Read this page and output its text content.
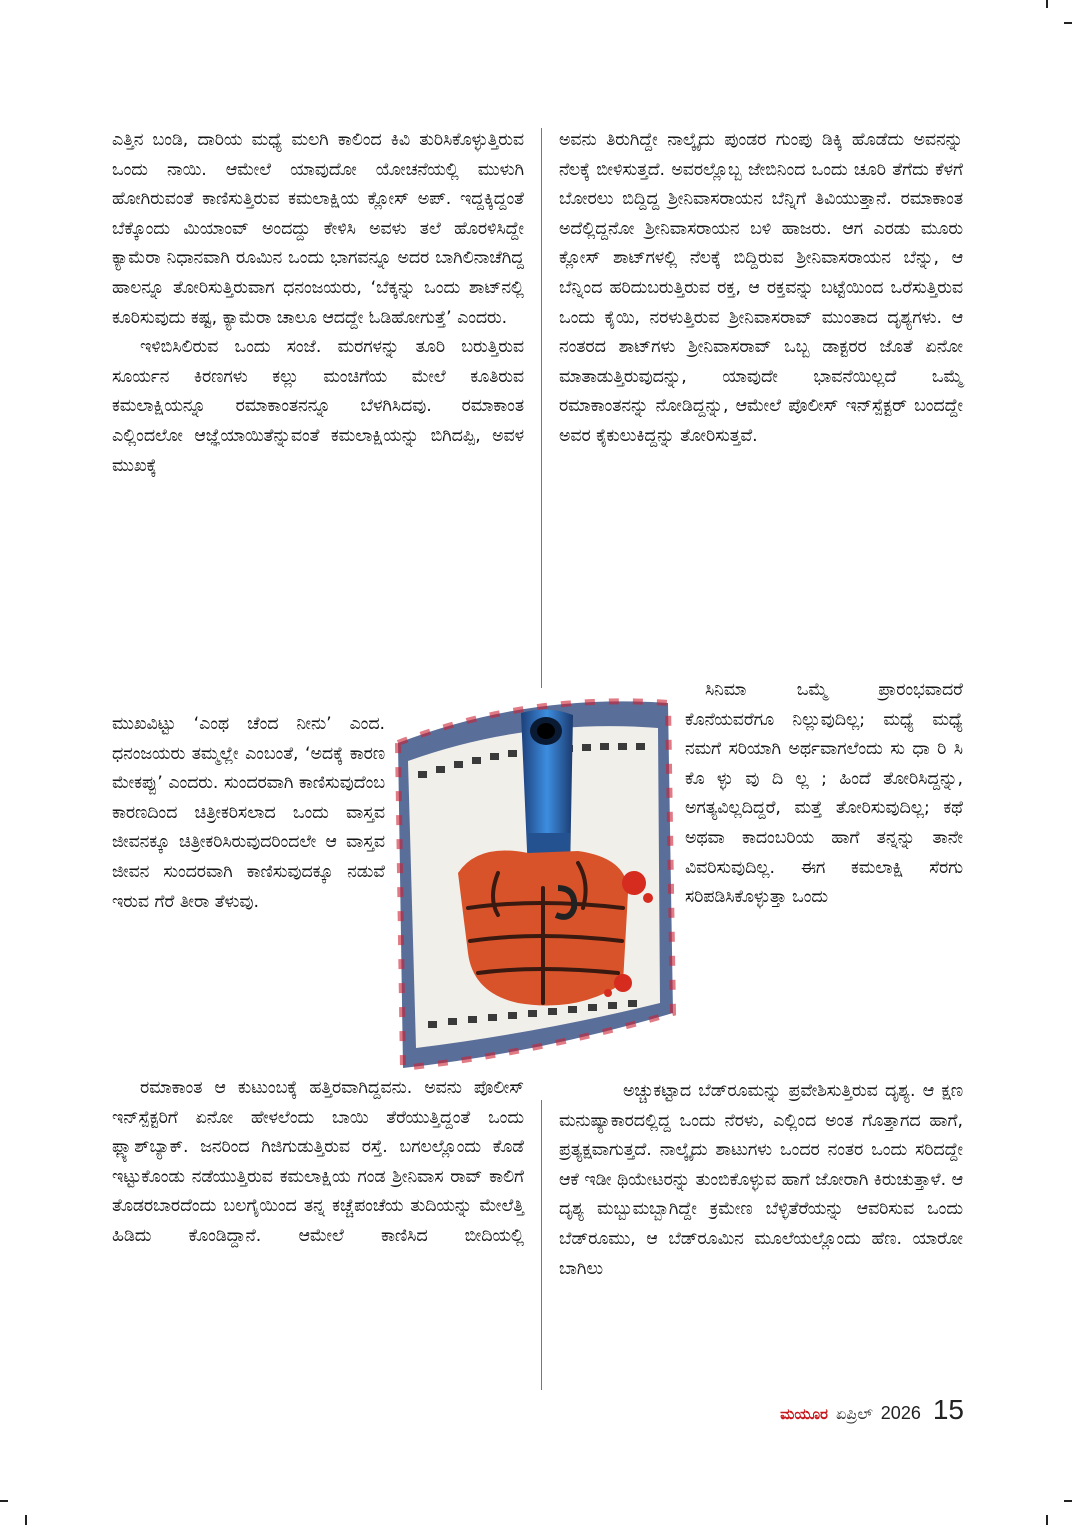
ಎತ್ತಿನ ಬಂಡಿ, ದಾರಿಯ ಮಧ್ಯೆ ಮಲಗಿ ಕಾಲಿಂದ ಕಿವಿ ತುರಿಸಿಕೊಳ್ಳುತ್ತಿರುವ ಒಂದು ನಾಯಿ. ಆಮೇಲೆ ಯಾವುದೋ ಯೋಚನೆಯಲ್ಲಿ ಮುಳುಗಿ ಹೋಗಿರುವಂತೆ ಕಾಣಿಸುತ್ತಿರುವ ಕಮಲಾಕ್ಷಿಯ ಕ್ಲೋಸ್ ಅಪ್. ಇದ್ದಕ್ಕಿದ್ದಂತೆ ಬೆಕ್ಕೊಂದು ಮಿಯಾಂವ್ ಅಂದದ್ದು ಕೇಳಿಸಿ ಅವಳು ತಲೆ ಹೊರಳಿಸಿದ್ದೇ ಕ್ಯಾಮೆರಾ ನಿಧಾನವಾಗಿ ರೂಮಿನ ಒಂದು ಭಾಗವನ್ನೂ ಅದರ ಬಾಗಿಲಿನಾಚೆಗಿದ್ದ ಹಾಲನ್ನೂ ತೋರಿಸುತ್ತಿರುವಾಗ ಧನಂಜಯರು, ‘ಬೆಕ್ಕನ್ನು ಒಂದು ಶಾಟ್‌ನಲ್ಲಿ ಕೂರಿಸುವುದು ಕಷ್ಟ, ಕ್ಯಾಮೆರಾ ಚಾಲೂ ಆದದ್ದೇ ಓಡಿಹೋಗುತ್ತೆ’ ಎಂದರು.

ಇಳಿಬಿಸಿಲಿರುವ ಒಂದು ಸಂಜೆ. ಮರಗಳನ್ನು ತೂರಿ ಬರುತ್ತಿರುವ ಸೂರ್ಯನ ಕಿರಣಗಳು ಕಲ್ಲು ಮಂಚಿಗೆಯ ಮೇಲೆ ಕೂತಿರುವ ಕಮಲಾಕ್ಷಿಯನ್ನೂ ರಮಾಕಾಂತನನ್ನೂ ಬೆಳಗಿಸಿದವು. ರಮಾಕಾಂತ ಎಲ್ಲಿಂದಲೋ ಆಜ್ಞೆಯಾಯಿತೆನ್ನುವಂತೆ ಕಮಲಾಕ್ಷಿಯನ್ನು ಬಿಗಿದಪ್ಪಿ, ಅವಳ ಮುಖಕ್ಕೆ

ಮುಖವಿಟ್ಟು ‘ಎಂಥ ಚೆಂದ ನೀನು’ ಎಂದ. ಧನಂಜಯರು ತಮ್ಮಲ್ಲೇ ಎಂಬಂತೆ, ‘ಅದಕ್ಕೆ ಕಾರಣ ಮೇಕಪ್ಪು’ ಎಂದರು. ಸುಂದರವಾಗಿ ಕಾಣಿಸುವುದೆಂಬ ಕಾರಣದಿಂದ ಚಿತ್ರೀಕರಿಸಲಾದ ಒಂದು ವಾಸ್ತವ ಜೀವನಕ್ಕೂ ಚಿತ್ರೀಕರಿಸಿರುವುದರಿಂದಲೇ ಆ ವಾಸ್ತವ ಜೀವನ ಸುಂದರವಾಗಿ ಕಾಣಿಸುವುದಕ್ಕೂ ನಡುವೆ ಇರುವ ಗೆರೆ ತೀರಾ ತೆಳುವು.

ರಮಾಕಾಂತ ಆ ಕುಟುಂಬಕ್ಕೆ ಹತ್ತಿರವಾಗಿದ್ದವನು. ಅವನು ಪೊಲೀಸ್ ಇನ್‌ಸ್ಪೆಕ್ಟರಿಗೆ ಏನೋ ಹೇಳಲೆಂದು ಬಾಯಿ ತೆರೆಯುತ್ತಿದ್ದಂತೆ ಒಂದು ಫ್ಲ್ಯಾಶ್‌ಬ್ಯಾಕ್. ಜನರಿಂದ ಗಿಜಿಗುಡುತ್ತಿರುವ ರಸ್ತೆ. ಬಗಲಲ್ಲೊಂದು ಕೊಡೆ ಇಟ್ಟುಕೊಂಡು ನಡೆಯುತ್ತಿರುವ ಕಮಲಾಕ್ಷಿಯ ಗಂಡ ಶ್ರೀನಿವಾಸ ರಾವ್ ಕಾಲಿಗೆ ತೊಡರಬಾರದೆಂದು ಬಲಗೈಯಿಂದ ತನ್ನ ಕಚ್ಚೆಪಂಚೆಯ ತುದಿಯನ್ನು ಮೇಲೆತ್ತಿ ಹಿಡಿದು ಕೊಂಡಿದ್ದಾನೆ. ಆಮೇಲೆ ಕಾಣಿಸಿದ ಬೀದಿಯಲ್ಲಿ

ಅವನು ತಿರುಗಿದ್ದೇ ನಾಲ್ಕೈದು ಪುಂಡರ ಗುಂಪು ಡಿಕ್ಕಿ ಹೊಡೆದು ಅವನನ್ನು ನೆಲಕ್ಕೆ ಬೀಳಿಸುತ್ತದೆ. ಅವರಲ್ಲೊಬ್ಬ ಜೇಬಿನಿಂದ ಒಂದು ಚೂರಿ ತೆಗೆದು ಕೆಳಗೆ ಬೋರಲು ಬಿದ್ದಿದ್ದ ಶ್ರೀನಿವಾಸರಾಯನ ಬೆನ್ನಿಗೆ ತಿವಿಯುತ್ತಾನೆ. ರಮಾಕಾಂತ ಅದೆಲ್ಲಿದ್ದನೋ ಶ್ರೀನಿವಾಸರಾಯನ ಬಳಿ ಹಾಜರು. ಆಗ ಎರಡು ಮೂರು ಕ್ಲೋಸ್ ಶಾಟ್‌ಗಳಲ್ಲಿ ನೆಲಕ್ಕೆ ಬಿದ್ದಿರುವ ಶ್ರೀನಿವಾಸರಾಯನ ಬೆನ್ನು, ಆ ಬೆನ್ನಿಂದ ಹರಿದುಬರುತ್ತಿರುವ ರಕ್ತ, ಆ ರಕ್ತವನ್ನು ಬಟ್ಟೆಯಿಂದ ಒರೆಸುತ್ತಿರುವ ಒಂದು ಕೈಯಿ, ನರಳುತ್ತಿರುವ ಶ್ರೀನಿವಾಸರಾವ್ ಮುಂತಾದ ದೃಶ್ಯಗಳು. ಆ ನಂತರದ ಶಾಟ್‌ಗಳು ಶ್ರೀನಿವಾಸರಾವ್ ಒಬ್ಬ ಡಾಕ್ಟರರ ಜೊತೆ ಏನೋ ಮಾತಾಡುತ್ತಿರುವುದನ್ನು, ಯಾವುದೇ ಭಾವನೆಯಿಲ್ಲದೆ ಒಮ್ಮೆ ರಮಾಕಾಂತನನ್ನು ನೋಡಿದ್ದನ್ನು, ಆಮೇಲೆ ಪೊಲೀಸ್ ಇನ್‌ಸ್ಪೆಕ್ಟರ್ ಬಂದದ್ದೇ ಅವರ ಕೈಕುಲುಕಿದ್ದನ್ನು ತೋರಿಸುತ್ತವೆ.

ಸಿನಿಮಾ ಒಮ್ಮೆ ಪ್ರಾರಂಭವಾದರೆ ಕೊನೆಯವರೆಗೂ ನಿಲ್ಲುವುದಿಲ್ಲ; ಮಧ್ಯೆ ಮಧ್ಯೆ ನಮಗೆ ಸರಿಯಾಗಿ ಅರ್ಥವಾಗಲೆಂದು ಸು ಧಾ ರಿ ಸಿ ಕೊ ಳ್ಳು ವು ದಿ ಲ್ಲ ; ಹಿಂದೆ ತೋರಿಸಿದ್ದನ್ನು, ಅಗತ್ಯವಿಲ್ಲದಿದ್ದರೆ, ಮತ್ತೆ ತೋರಿಸುವುದಿಲ್ಲ; ಕಥೆ ಅಥವಾ ಕಾದಂಬರಿಯ ಹಾಗೆ ತನ್ನನ್ನು ತಾನೇ ವಿವರಿಸುವುದಿಲ್ಲ. ಈಗ ಕಮಲಾಕ್ಷಿ ಸೆರಗು ಸರಿಪಡಿಸಿಕೊಳ್ಳುತ್ತಾ ಒಂದು

ಅಚ್ಚುಕಟ್ಟಾದ ಬೆಡ್‌ರೂಮನ್ನು ಪ್ರವೇಶಿಸುತ್ತಿರುವ ದೃಶ್ಯ. ಆ ಕ್ಷಣ ಮನುಷ್ಯಾಕಾರದಲ್ಲಿದ್ದ ಒಂದು ನೆರಳು, ಎಲ್ಲಿಂದ ಅಂತ ಗೊತ್ತಾಗದ ಹಾಗೆ, ಪ್ರತ್ಯಕ್ಷವಾಗುತ್ತದೆ. ನಾಲ್ಕೈದು ಶಾಟುಗಳು ಒಂದರ ನಂತರ ಒಂದು ಸರಿದದ್ದೇ ಆಕೆ ಇಡೀ ಥಿಯೇಟರನ್ನು ತುಂಬಿಕೊಳ್ಳುವ ಹಾಗೆ ಜೋರಾಗಿ ಕಿರುಚುತ್ತಾಳೆ. ಆ ದೃಶ್ಯ ಮಬ್ಬುಮಬ್ಬಾಗಿದ್ದೇ ಕ್ರಮೇಣ ಬೆಳ್ಳಿತೆರೆಯನ್ನು ಆವರಿಸುವ ಒಂದು ಬೆಡ್‌ರೂಮು, ಆ ಬೆಡ್‌ರೂಮಿನ ಮೂಲೆಯಲ್ಲೊಂದು ಹೆಣ. ಯಾರೋ ಬಾಗಿಲು

ಮಯೂರ ಏಪ್ರಿಲ್ 2026 15
